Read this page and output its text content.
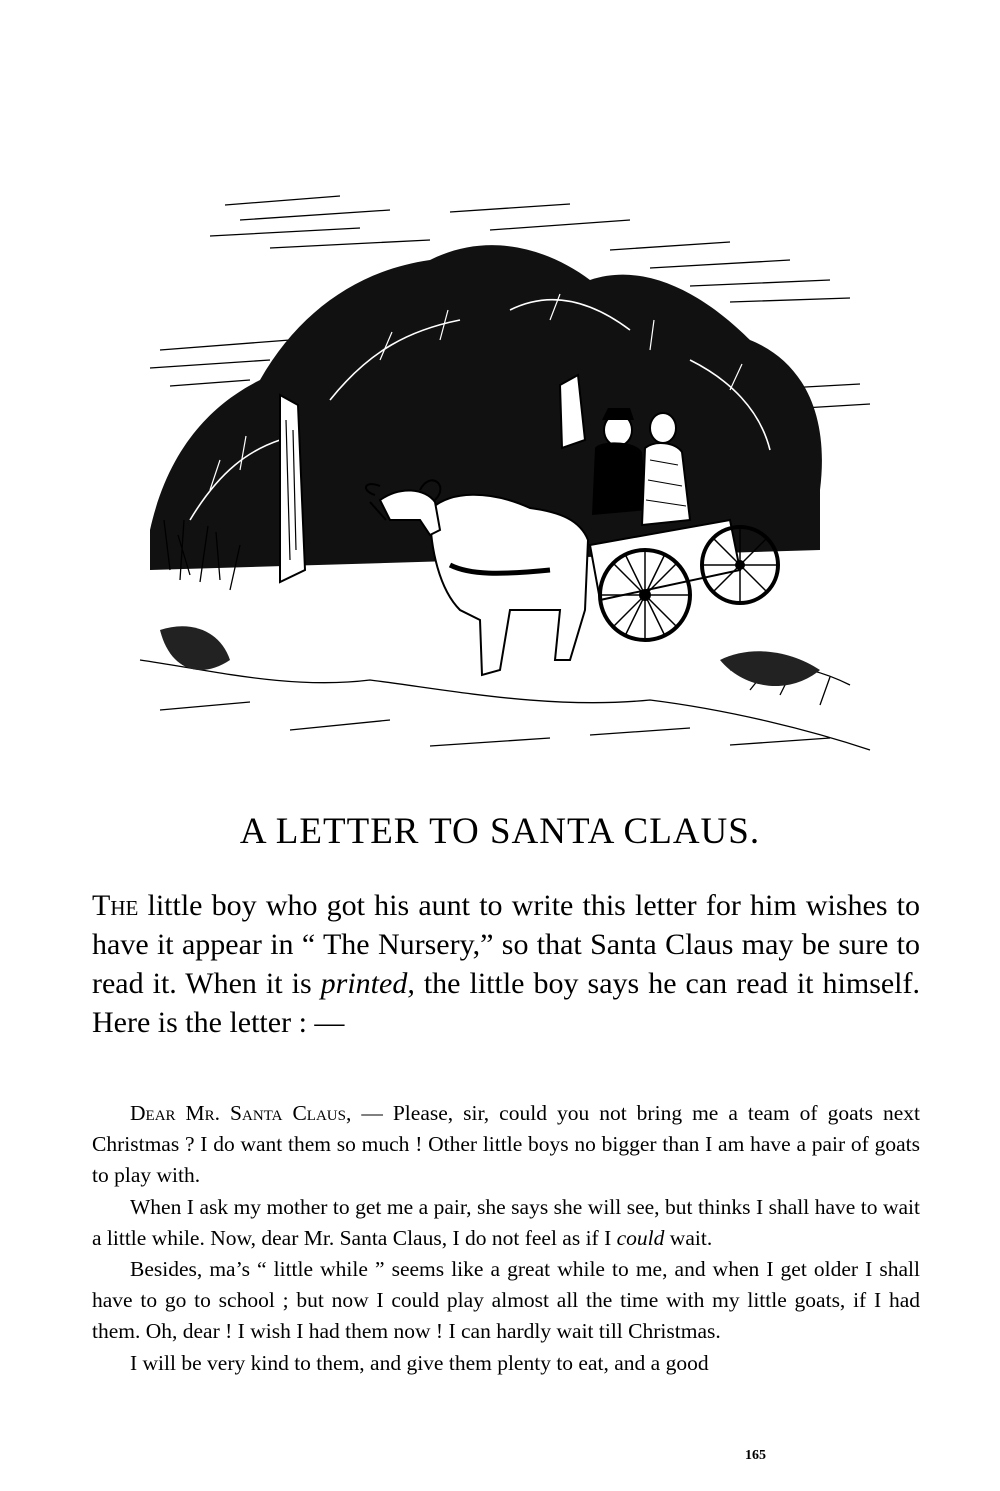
A LETTER TO SANTA CLAUS.

The little boy who got his aunt to write this letter for him wishes to have it appear in “ The Nursery,” so that Santa Claus may be sure to read it. When it is printed, the little boy says he can read it himself. Here is the letter : —

Dear Mr. Santa Claus, — Please, sir, could you not bring me a team of goats next Christmas ? I do want them so much ! Other little boys no bigger than I am have a pair of goats to play with.

When I ask my mother to get me a pair, she says she will see, but thinks I shall have to wait a little while. Now, dear Mr. Santa Claus, I do not feel as if I could wait.

Besides, ma’s “ little while ” seems like a great while to me, and when I get older I shall have to go to school ; but now I could play almost all the time with my little goats, if I had them. Oh, dear ! I wish I had them now ! I can hardly wait till Christmas.

I will be very kind to them, and give them plenty to eat, and a good

165
